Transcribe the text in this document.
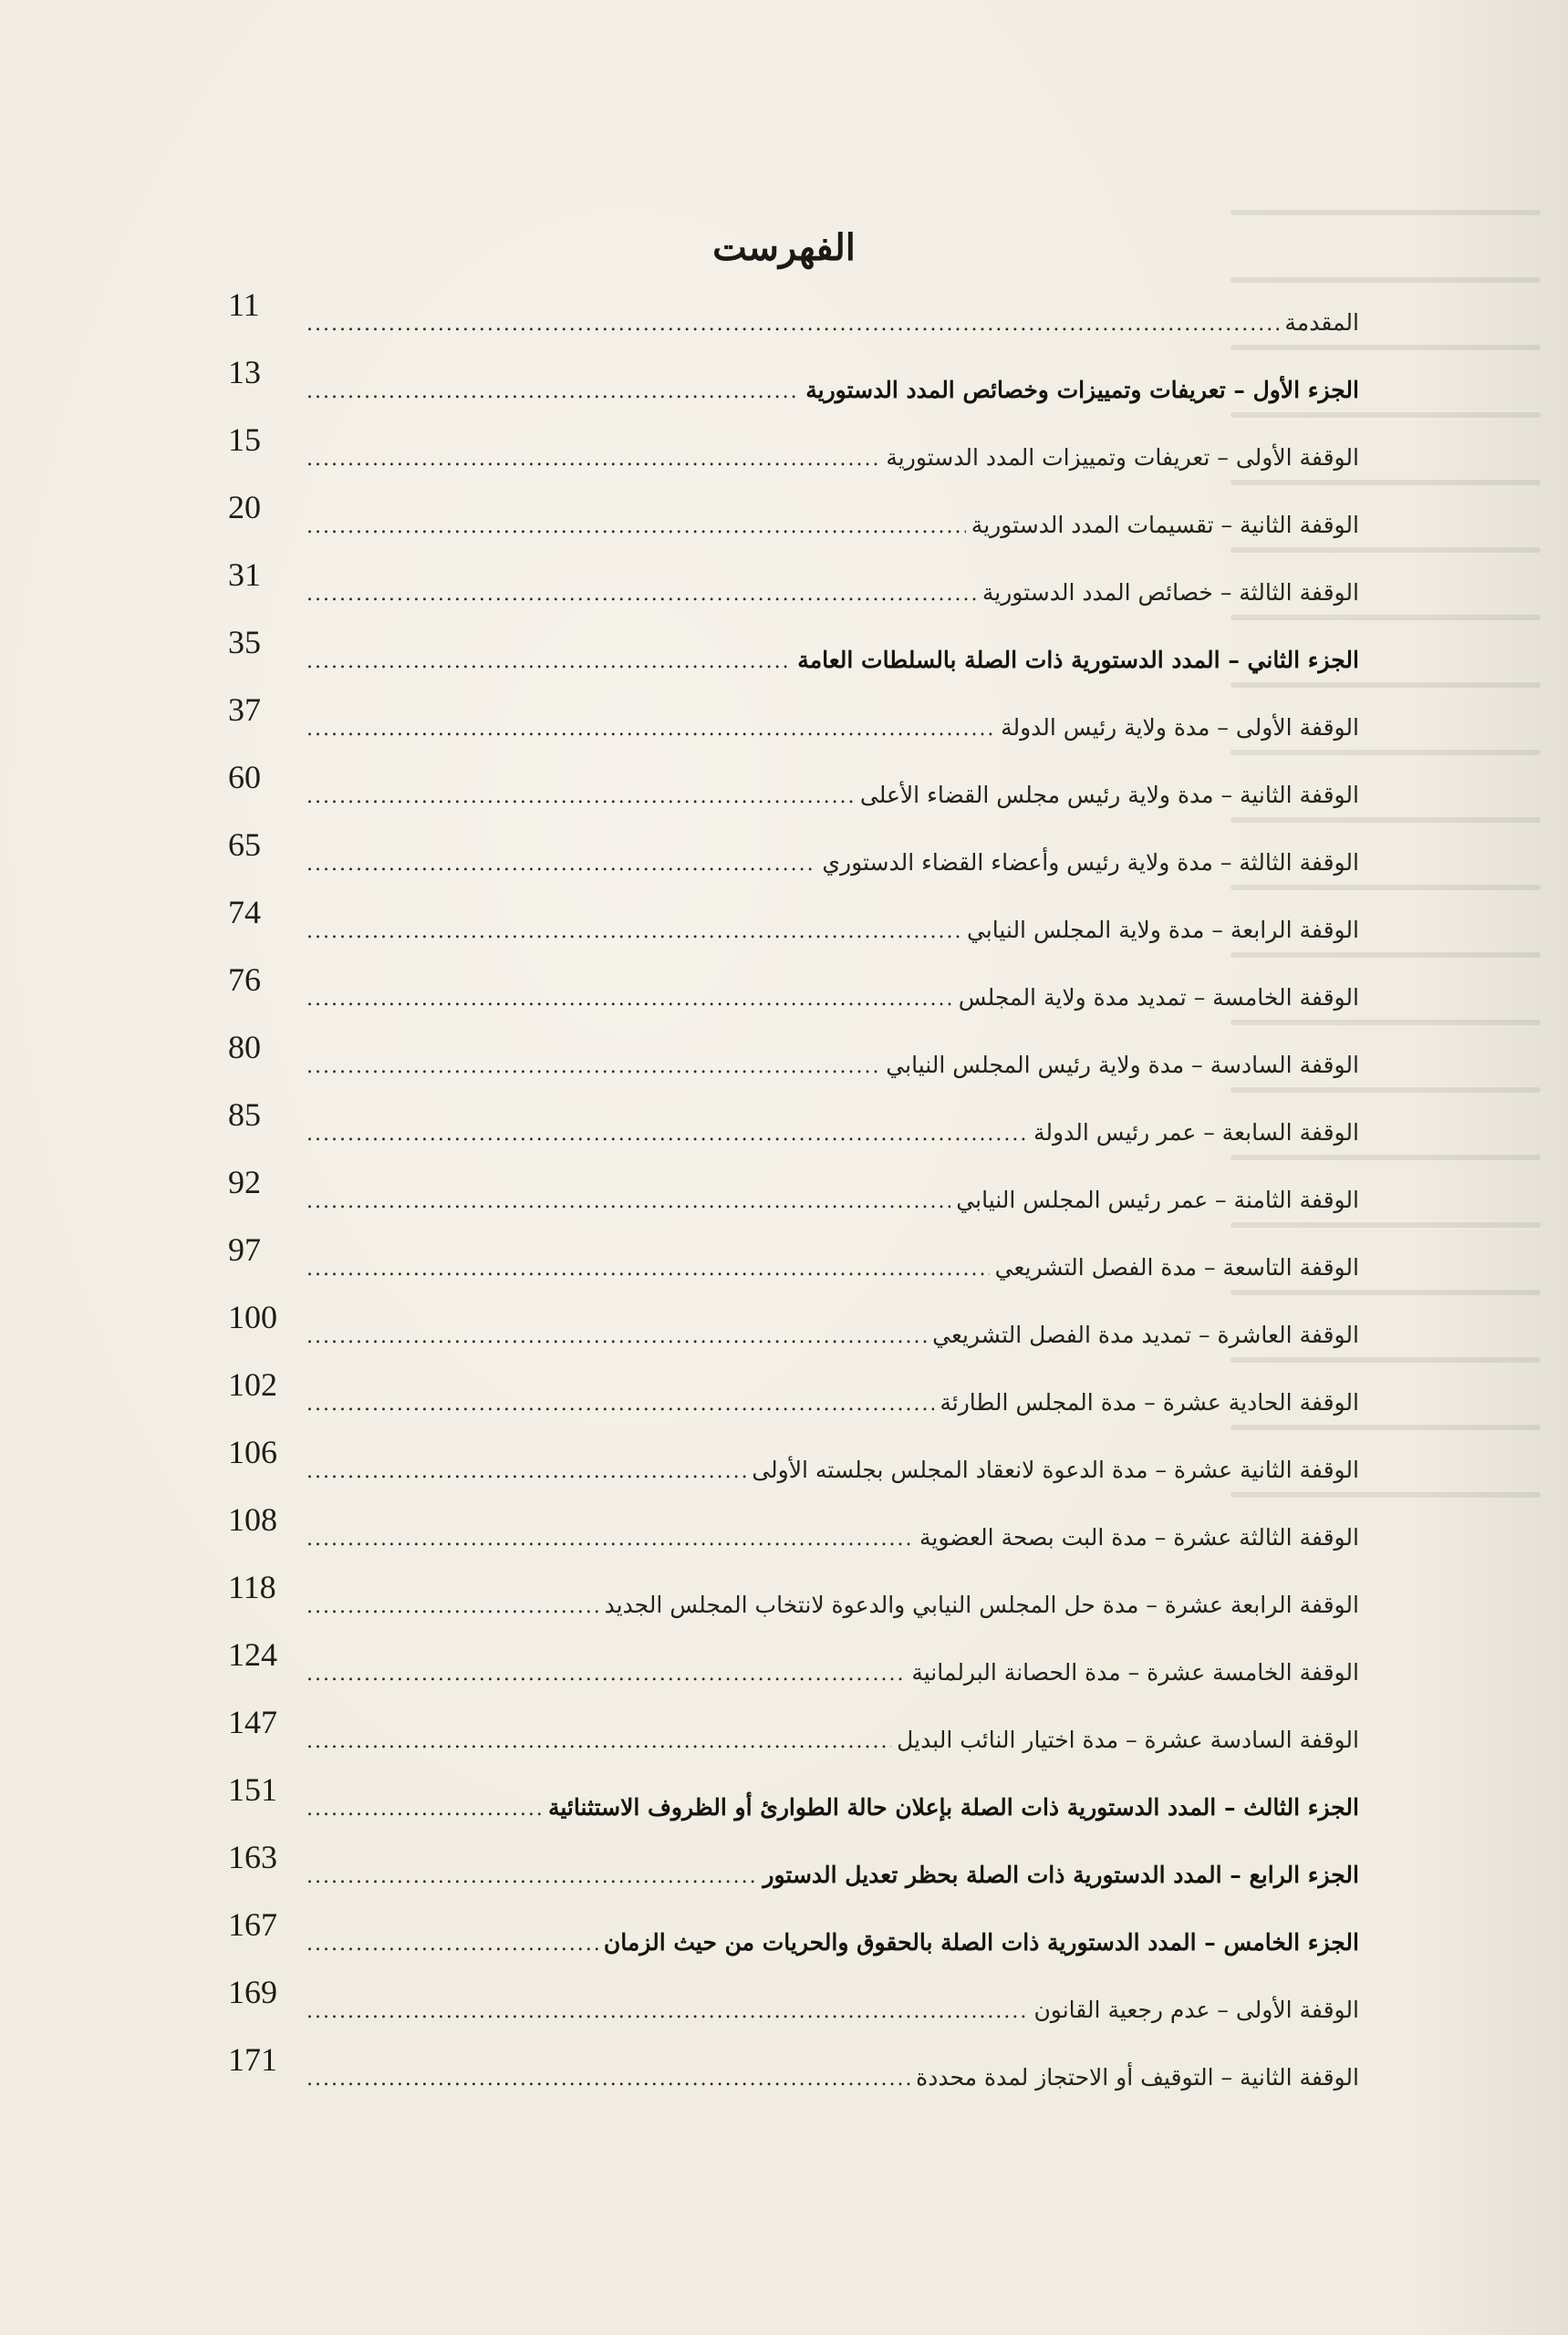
الفهرست
المقدمة
.....
11
الجزء الأول – تعريفات وتمييزات وخصائص المدد الدستورية
.....
13
الوقفة الأولى – تعريفات وتمييزات المدد الدستورية
.....
15
الوقفة الثانية – تقسيمات المدد الدستورية
.....
20
الوقفة الثالثة – خصائص المدد الدستورية
.....
31
الجزء الثاني – المدد الدستورية ذات الصلة بالسلطات العامة
.....
35
الوقفة الأولى – مدة ولاية رئيس الدولة
.....
37
الوقفة الثانية – مدة ولاية رئيس مجلس القضاء الأعلى
.....
60
الوقفة الثالثة – مدة ولاية رئيس وأعضاء القضاء الدستوري
.....
65
الوقفة الرابعة – مدة ولاية المجلس النيابي
.....
74
الوقفة الخامسة – تمديد مدة ولاية المجلس
.....
76
الوقفة السادسة – مدة ولاية رئيس المجلس النيابي
.....
80
الوقفة السابعة – عمر رئيس الدولة
.....
85
الوقفة الثامنة – عمر رئيس المجلس النيابي
.....
92
الوقفة التاسعة – مدة الفصل التشريعي
.....
97
الوقفة العاشرة – تمديد مدة الفصل التشريعي
.....
100
الوقفة الحادية عشرة – مدة المجلس الطارئة
.....
102
الوقفة الثانية عشرة – مدة الدعوة لانعقاد المجلس بجلسته الأولى
.....
106
الوقفة الثالثة عشرة – مدة البت بصحة العضوية
.....
108
الوقفة الرابعة عشرة – مدة حل المجلس النيابي والدعوة لانتخاب المجلس الجديد
.....
118
الوقفة الخامسة عشرة – مدة الحصانة البرلمانية
.....
124
الوقفة السادسة عشرة – مدة اختيار النائب البديل
.....
147
الجزء الثالث – المدد الدستورية ذات الصلة بإعلان حالة الطوارئ أو الظروف الاستثنائية
.....
151
الجزء الرابع – المدد الدستورية ذات الصلة بحظر تعديل الدستور
.....
163
الجزء الخامس – المدد الدستورية ذات الصلة بالحقوق والحريات من حيث الزمان
.....
167
الوقفة الأولى – عدم رجعية القانون
.....
169
الوقفة الثانية – التوقيف أو الاحتجاز لمدة محددة
.....
171
